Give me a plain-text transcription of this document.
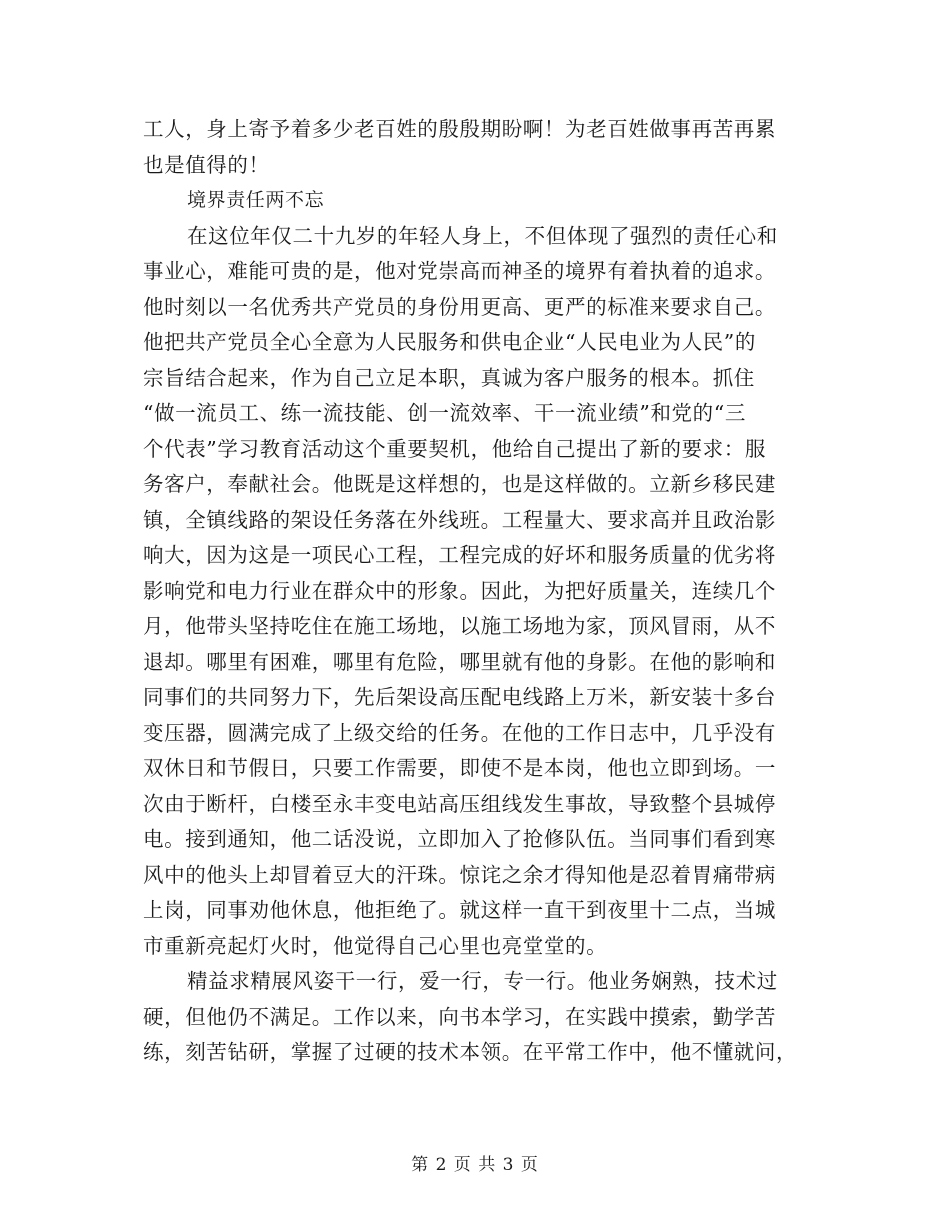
工人，身上寄予着多少老百姓的殷殷期盼啊！为老百姓做事再苦再累
也是值得的！

境界责任两不忘

在这位年仅二十九岁的年轻人身上，不但体现了强烈的责任心和
事业心，难能可贵的是，他对党崇高而神圣的境界有着执着的追求。
他时刻以一名优秀共产党员的身份用更高、更严的标准来要求自己。
他把共产党员全心全意为人民服务和供电企业“人民电业为人民”的
宗旨结合起来，作为自己立足本职，真诚为客户服务的根本。抓住
“做一流员工、练一流技能、创一流效率、干一流业绩”和党的“三
个代表”学习教育活动这个重要契机，他给自己提出了新的要求：服
务客户，奉献社会。他既是这样想的，也是这样做的。立新乡移民建
镇，全镇线路的架设任务落在外线班。工程量大、要求高并且政治影
响大，因为这是一项民心工程，工程完成的好坏和服务质量的优劣将
影响党和电力行业在群众中的形象。因此，为把好质量关，连续几个
月，他带头坚持吃住在施工场地，以施工场地为家，顶风冒雨，从不
退却。哪里有困难，哪里有危险，哪里就有他的身影。在他的影响和
同事们的共同努力下，先后架设高压配电线路上万米，新安装十多台
变压器，圆满完成了上级交给的任务。在他的工作日志中，几乎没有
双休日和节假日，只要工作需要，即使不是本岗，他也立即到场。一
次由于断杆，白楼至永丰变电站高压组线发生事故，导致整个县城停
电。接到通知，他二话没说，立即加入了抢修队伍。当同事们看到寒
风中的他头上却冒着豆大的汗珠。惊诧之余才得知他是忍着胃痛带病
上岗，同事劝他休息，他拒绝了。就这样一直干到夜里十二点，当城
市重新亮起灯火时，他觉得自己心里也亮堂堂的。

精益求精展风姿干一行，爱一行，专一行。他业务娴熟，技术过
硬，但他仍不满足。工作以来，向书本学习，在实践中摸索，勤学苦
练，刻苦钻研，掌握了过硬的技术本领。在平常工作中，他不懂就问，

第 2 页 共 3 页
